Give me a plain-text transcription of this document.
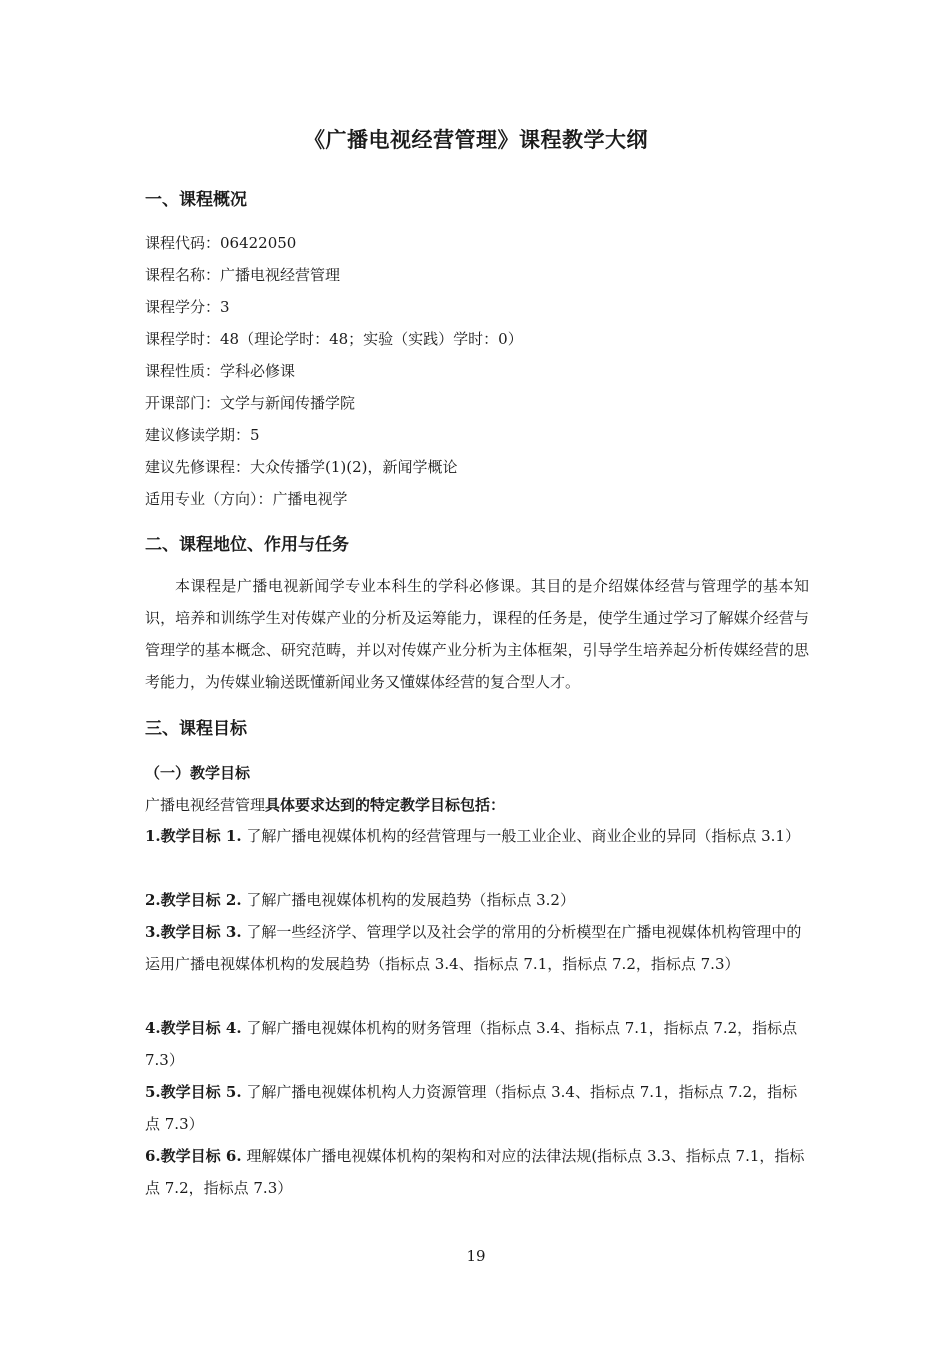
《广播电视经营管理》课程教学大纲
一、课程概况
课程代码：06422050
课程名称：广播电视经营管理
课程学分：3
课程学时：48（理论学时：48；实验（实践）学时：0）
课程性质：学科必修课
开课部门：文学与新闻传播学院
建议修读学期：5
建议先修课程：大众传播学(1)(2)，新闻学概论
适用专业（方向）：广播电视学
二、课程地位、作用与任务
本课程是广播电视新闻学专业本科生的学科必修课。其目的是介绍媒体经营与管理学的基本知识，培养和训练学生对传媒产业的分析及运筹能力，课程的任务是，使学生通过学习了解媒介经营与管理学的基本概念、研究范畴，并以对传媒产业分析为主体框架，引导学生培养起分析传媒经营的思考能力，为传媒业输送既懂新闻业务又懂媒体经营的复合型人才。
三、课程目标
（一）教学目标
广播电视经营管理具体要求达到的特定教学目标包括：
1.教学目标 1. 了解广播电视媒体机构的经营管理与一般工业企业、商业企业的异同（指标点 3.1）
2.教学目标 2. 了解广播电视媒体机构的发展趋势（指标点 3.2）
3.教学目标 3. 了解一些经济学、管理学以及社会学的常用的分析模型在广播电视媒体机构管理中的运用广播电视媒体机构的发展趋势（指标点 3.4、指标点 7.1，指标点 7.2，指标点 7.3）
4.教学目标 4. 了解广播电视媒体机构的财务管理（指标点 3.4、指标点 7.1，指标点 7.2，指标点 7.3）
5.教学目标 5. 了解广播电视媒体机构人力资源管理（指标点 3.4、指标点 7.1，指标点 7.2，指标点 7.3）
6.教学目标 6. 理解媒体广播电视媒体机构的架构和对应的法律法规(指标点 3.3、指标点 7.1，指标点 7.2，指标点 7.3）
19
